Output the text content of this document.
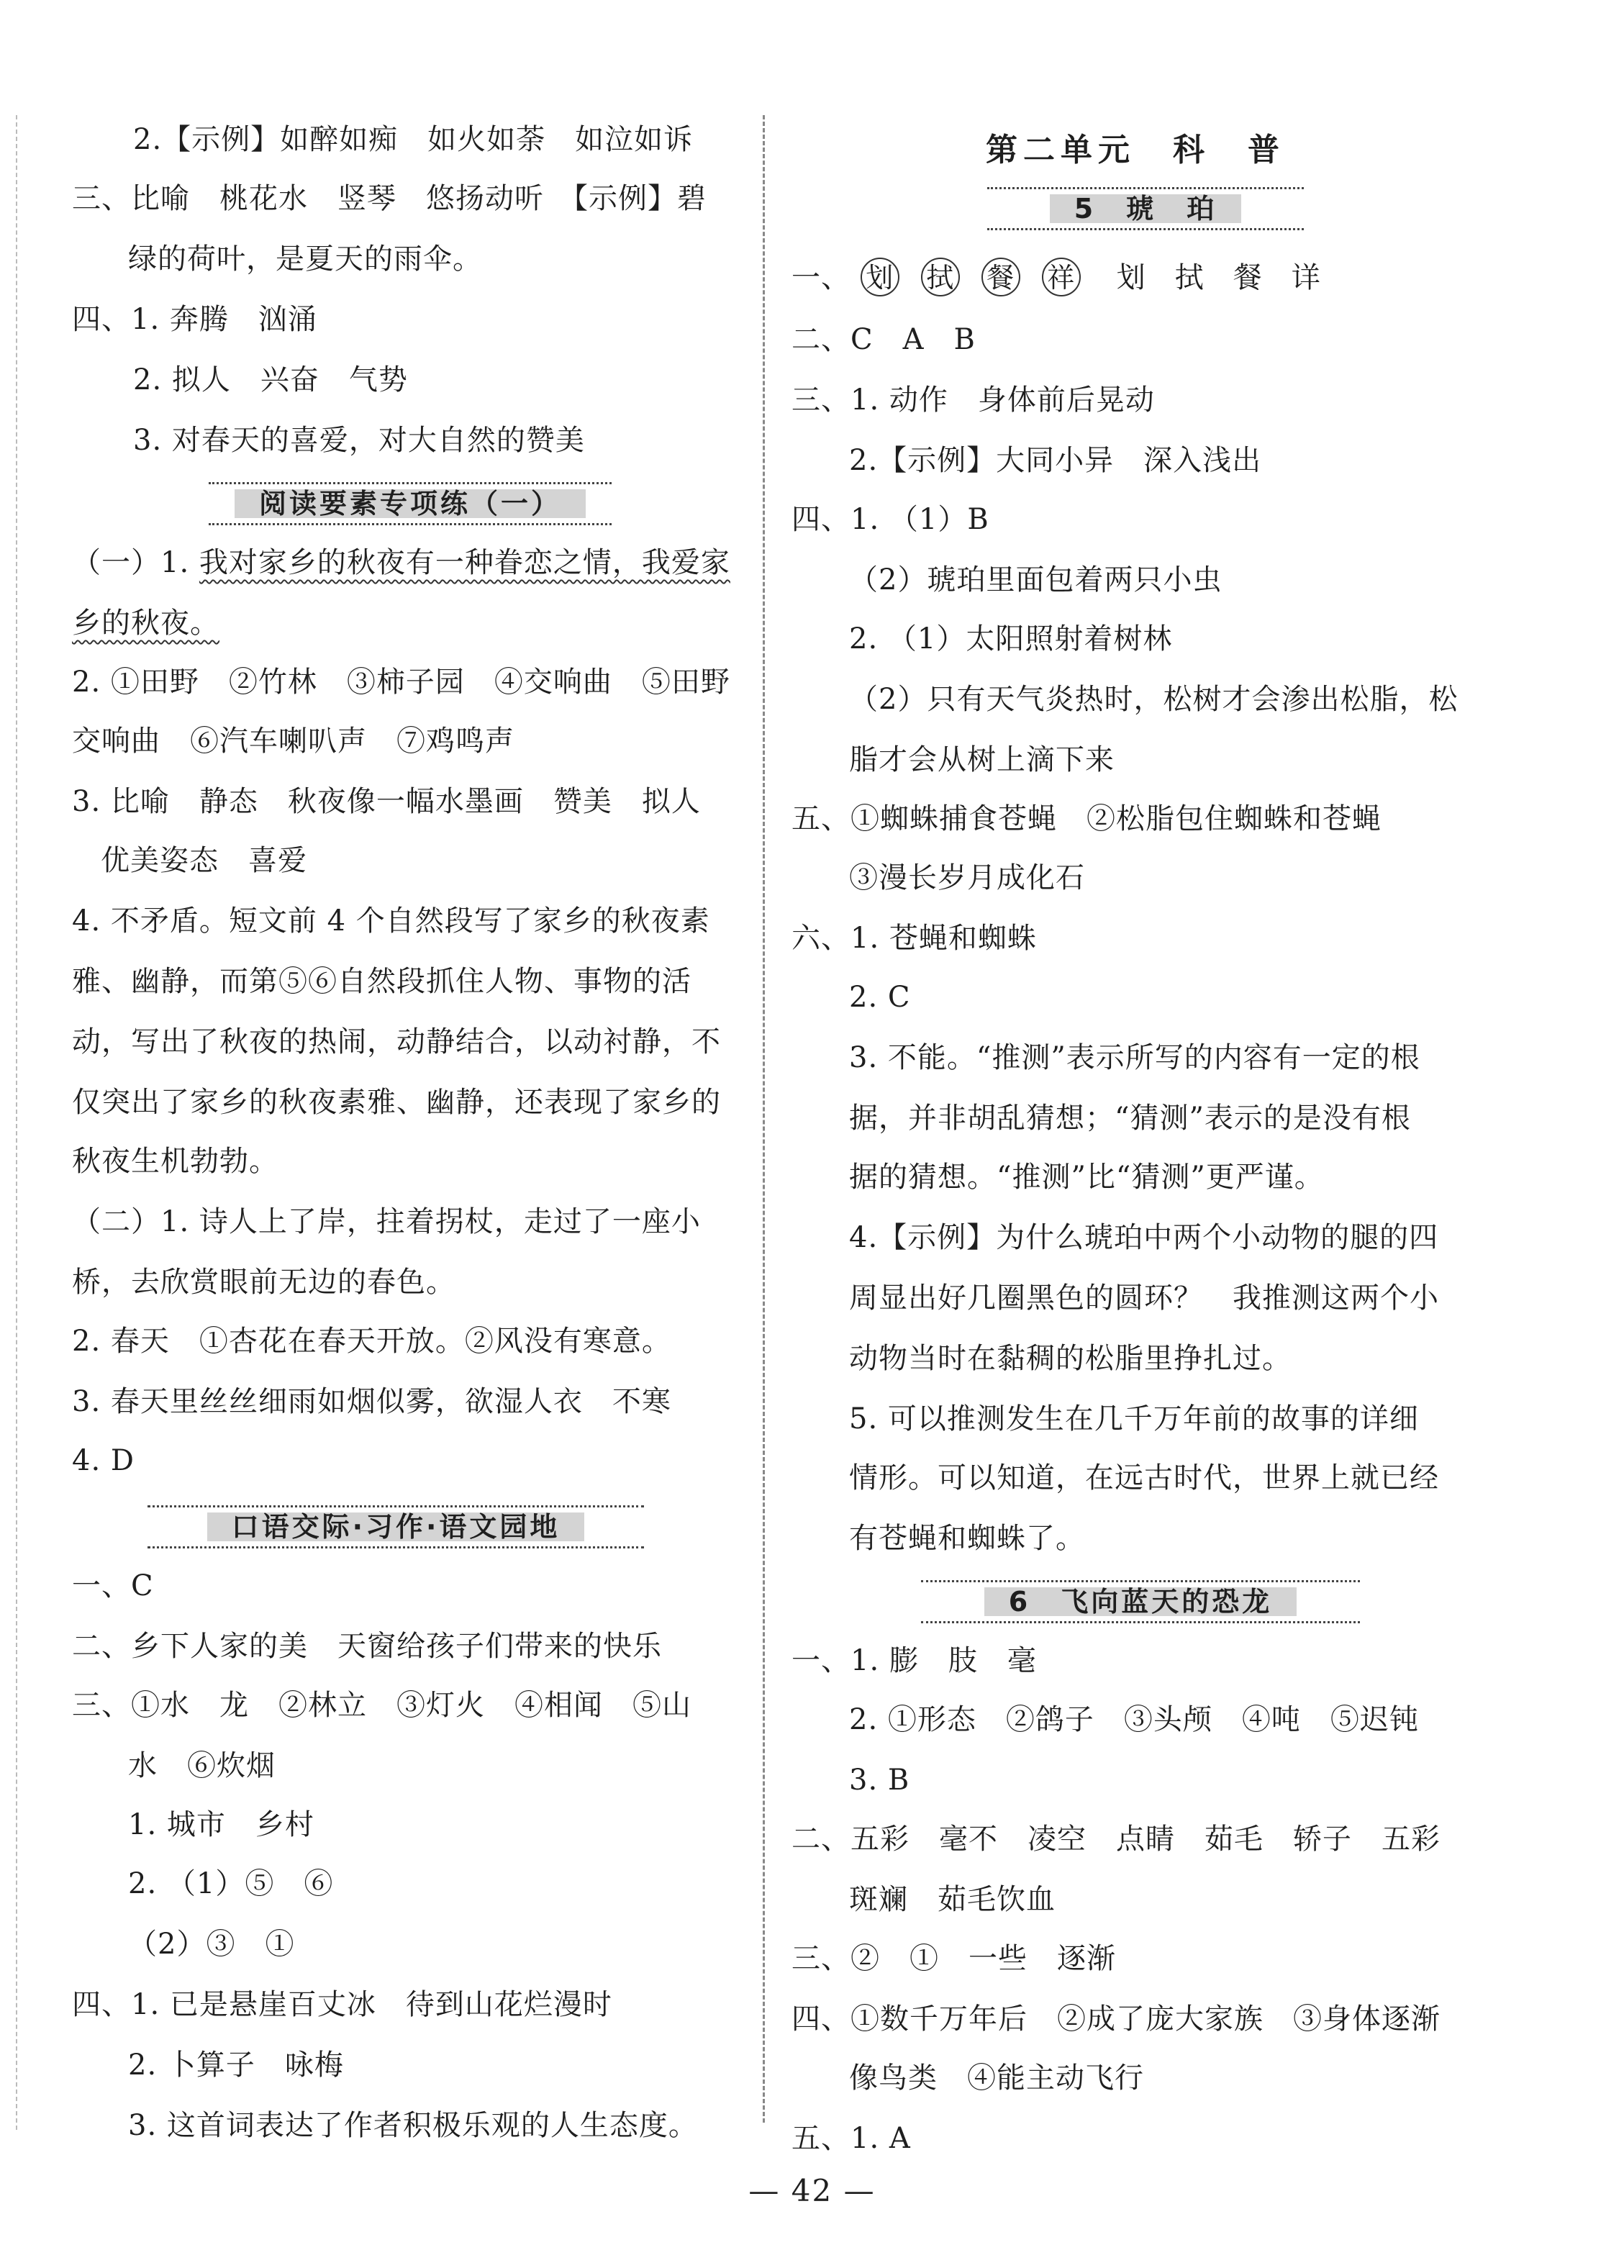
2.【示例】如醉如痴　如火如荼　如泣如诉
三、比喻　桃花水　竖琴　悠扬动听　【示例】碧
绿的荷叶，是夏天的雨伞。
四、1. 奔腾　汹涌
2. 拟人　兴奋　气势
3. 对春天的喜爱，对大自然的赞美
阅读要素专项练（一）
（一）1. 我对家乡的秋夜有一种眷恋之情，我爱家
乡的秋夜。
2. ①田野　②竹林　③柿子园　④交响曲　⑤田野
交响曲　⑥汽车喇叭声　⑦鸡鸣声
3. 比喻　静态　秋夜像一幅水墨画　赞美　拟人
优美姿态　喜爱
4. 不矛盾。短文前 4 个自然段写了家乡的秋夜素
雅、幽静，而第⑤⑥自然段抓住人物、事物的活
动，写出了秋夜的热闹，动静结合，以动衬静，不
仅突出了家乡的秋夜素雅、幽静，还表现了家乡的
秋夜生机勃勃。
（二）1. 诗人上了岸，拄着拐杖，走过了一座小
桥，去欣赏眼前无边的春色。
2. 春天　①杏花在春天开放。②风没有寒意。
3. 春天里丝丝细雨如烟似雾，欲湿人衣　不寒
4. D
口语交际·习作·语文园地
一、C
二、乡下人家的美　天窗给孩子们带来的快乐
三、①水　龙　②林立　③灯火　④相闻　⑤山
水　⑥炊烟
1. 城市　乡村
2. （1）⑤　⑥
（2）③　①
四、1. 已是悬崖百丈冰　待到山花烂漫时
2. 卜算子　咏梅
3. 这首词表达了作者积极乐观的人生态度。
第二单元　科　普
5　琥　珀
一、 划 拭 餐 祥 划 拭 餐 详
二、C　A　B
三、1. 动作　身体前后晃动
2.【示例】大同小异　深入浅出
四、1. （1）B
（2）琥珀里面包着两只小虫
2. （1）太阳照射着树林
（2）只有天气炎热时，松树才会渗出松脂，松
脂才会从树上滴下来
五、①蜘蛛捕食苍蝇　②松脂包住蜘蛛和苍蝇
③漫长岁月成化石
六、1. 苍蝇和蜘蛛
2. C
3. 不能。“推测”表示所写的内容有一定的根
据，并非胡乱猜想；“猜测”表示的是没有根
据的猜想。“推测”比“猜测”更严谨。
4.【示例】为什么琥珀中两个小动物的腿的四
周显出好几圈黑色的圆环？　我推测这两个小
动物当时在黏稠的松脂里挣扎过。
5. 可以推测发生在几千万年前的故事的详细
情形。可以知道，在远古时代，世界上就已经
有苍蝇和蜘蛛了。
6　飞向蓝天的恐龙
一、1. 膨　肢　毫
2. ①形态　②鸽子　③头颅　④吨　⑤迟钝
3. B
二、五彩　毫不　凌空　点睛　茹毛　轿子　五彩
斑斓　茹毛饮血
三、②　①　一些　逐渐
四、①数千万年后　②成了庞大家族　③身体逐渐
像鸟类　④能主动飞行
五、1. A
— 42 —
